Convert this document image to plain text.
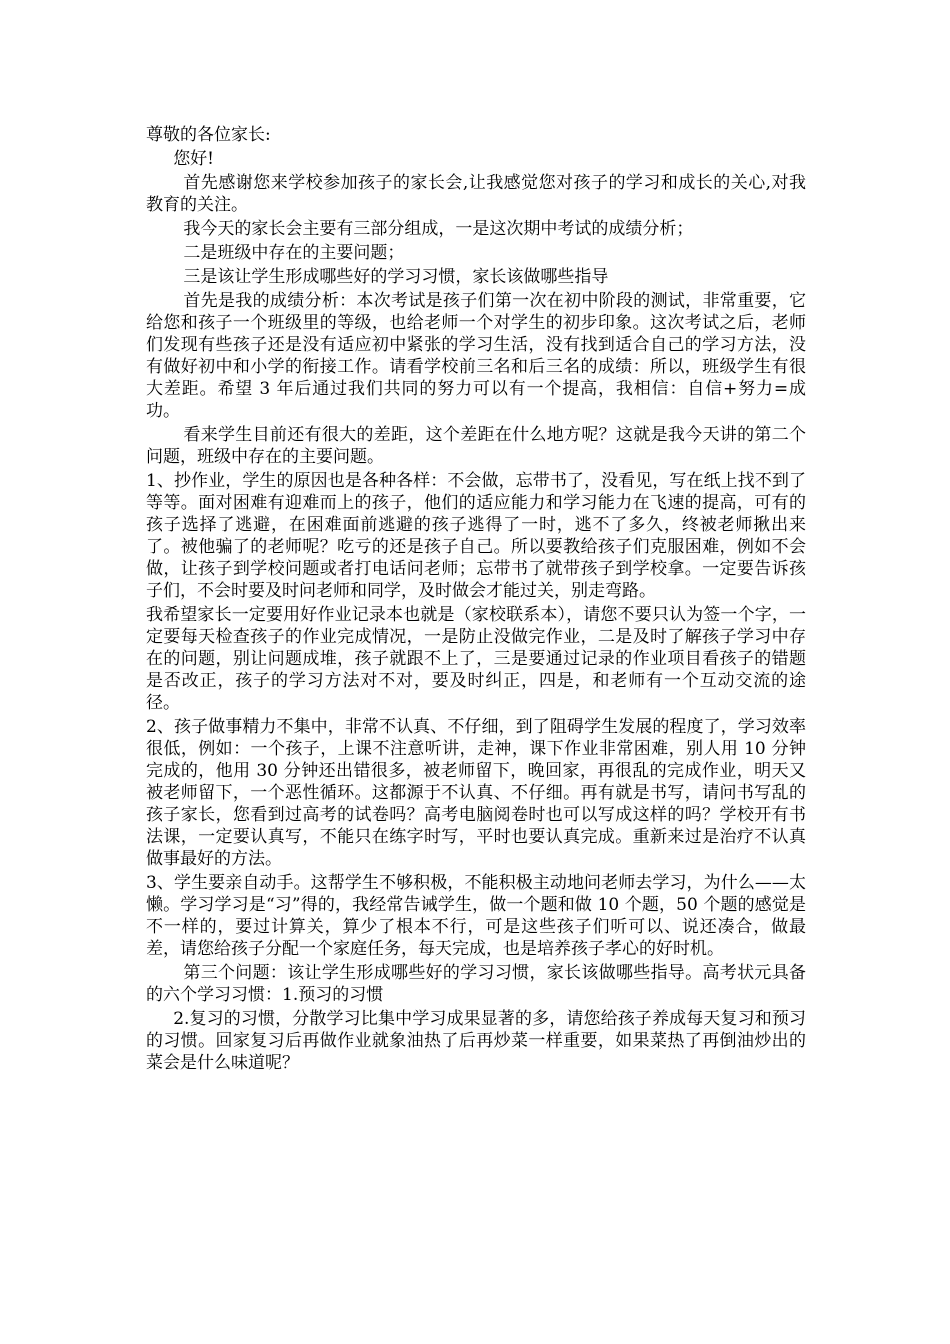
尊敬的各位家长:

您好!

首先感谢您来学校参加孩子的家长会,让我感觉您对孩子的学习和成长的关心,对我教育的关注。

我今天的家长会主要有三部分组成，一是这次期中考试的成绩分析；

二是班级中存在的主要问题；

三是该让学生形成哪些好的学习习惯，家长该做哪些指导

首先是我的成绩分析：本次考试是孩子们第一次在初中阶段的测试，非常重要，它给您和孩子一个班级里的等级，也给老师一个对学生的初步印象。这次考试之后，老师们发现有些孩子还是没有适应初中紧张的学习生活，没有找到适合自己的学习方法，没有做好初中和小学的衔接工作。请看学校前三名和后三名的成绩：所以，班级学生有很大差距。希望 3 年后通过我们共同的努力可以有一个提高，我相信：自信+努力=成功。

看来学生目前还有很大的差距，这个差距在什么地方呢？这就是我今天讲的第二个问题，班级中存在的主要问题。

1、抄作业，学生的原因也是各种各样：不会做，忘带书了，没看见，写在纸上找不到了等等。面对困难有迎难而上的孩子，他们的适应能力和学习能力在飞速的提高，可有的孩子选择了逃避，在困难面前逃避的孩子逃得了一时，逃不了多久，终被老师揪出来了。被他骗了的老师呢？吃亏的还是孩子自己。所以要教给孩子们克服困难，例如不会做，让孩子到学校问题或者打电话问老师；忘带书了就带孩子到学校拿。一定要告诉孩子们，不会时要及时问老师和同学，及时做会才能过关，别走弯路。

我希望家长一定要用好作业记录本也就是（家校联系本），请您不要只认为签一个字，一定要每天检查孩子的作业完成情况，一是防止没做完作业，二是及时了解孩子学习中存在的问题，别让问题成堆，孩子就跟不上了，三是要通过记录的作业项目看孩子的错题是否改正，孩子的学习方法对不对，要及时纠正，四是，和老师有一个互动交流的途径。

2、孩子做事精力不集中，非常不认真、不仔细，到了阻碍学生发展的程度了，学习效率很低，例如：一个孩子，上课不注意听讲，走神，课下作业非常困难，别人用 10 分钟完成的，他用 30 分钟还出错很多，被老师留下，晚回家，再很乱的完成作业，明天又被老师留下，一个恶性循环。这都源于不认真、不仔细。再有就是书写，请问书写乱的孩子家长，您看到过高考的试卷吗？高考电脑阅卷时也可以写成这样的吗？学校开有书法课，一定要认真写，不能只在练字时写，平时也要认真完成。重新来过是治疗不认真做事最好的方法。

3、学生要亲自动手。这帮学生不够积极，不能积极主动地问老师去学习，为什么——太懒。学习学习是“习”得的，我经常告诫学生，做一个题和做 10 个题，50 个题的感觉是不一样的，要过计算关，算少了根本不行，可是这些孩子们听可以、说还凑合，做最差，请您给孩子分配一个家庭任务，每天完成，也是培养孩子孝心的好时机。

第三个问题：该让学生形成哪些好的学习习惯，家长该做哪些指导。高考状元具备的六个学习习惯：1.预习的习惯

2.复习的习惯，分散学习比集中学习成果显著的多，请您给孩子养成每天复习和预习的习惯。回家复习后再做作业就象油热了后再炒菜一样重要，如果菜热了再倒油炒出的菜会是什么味道呢？
